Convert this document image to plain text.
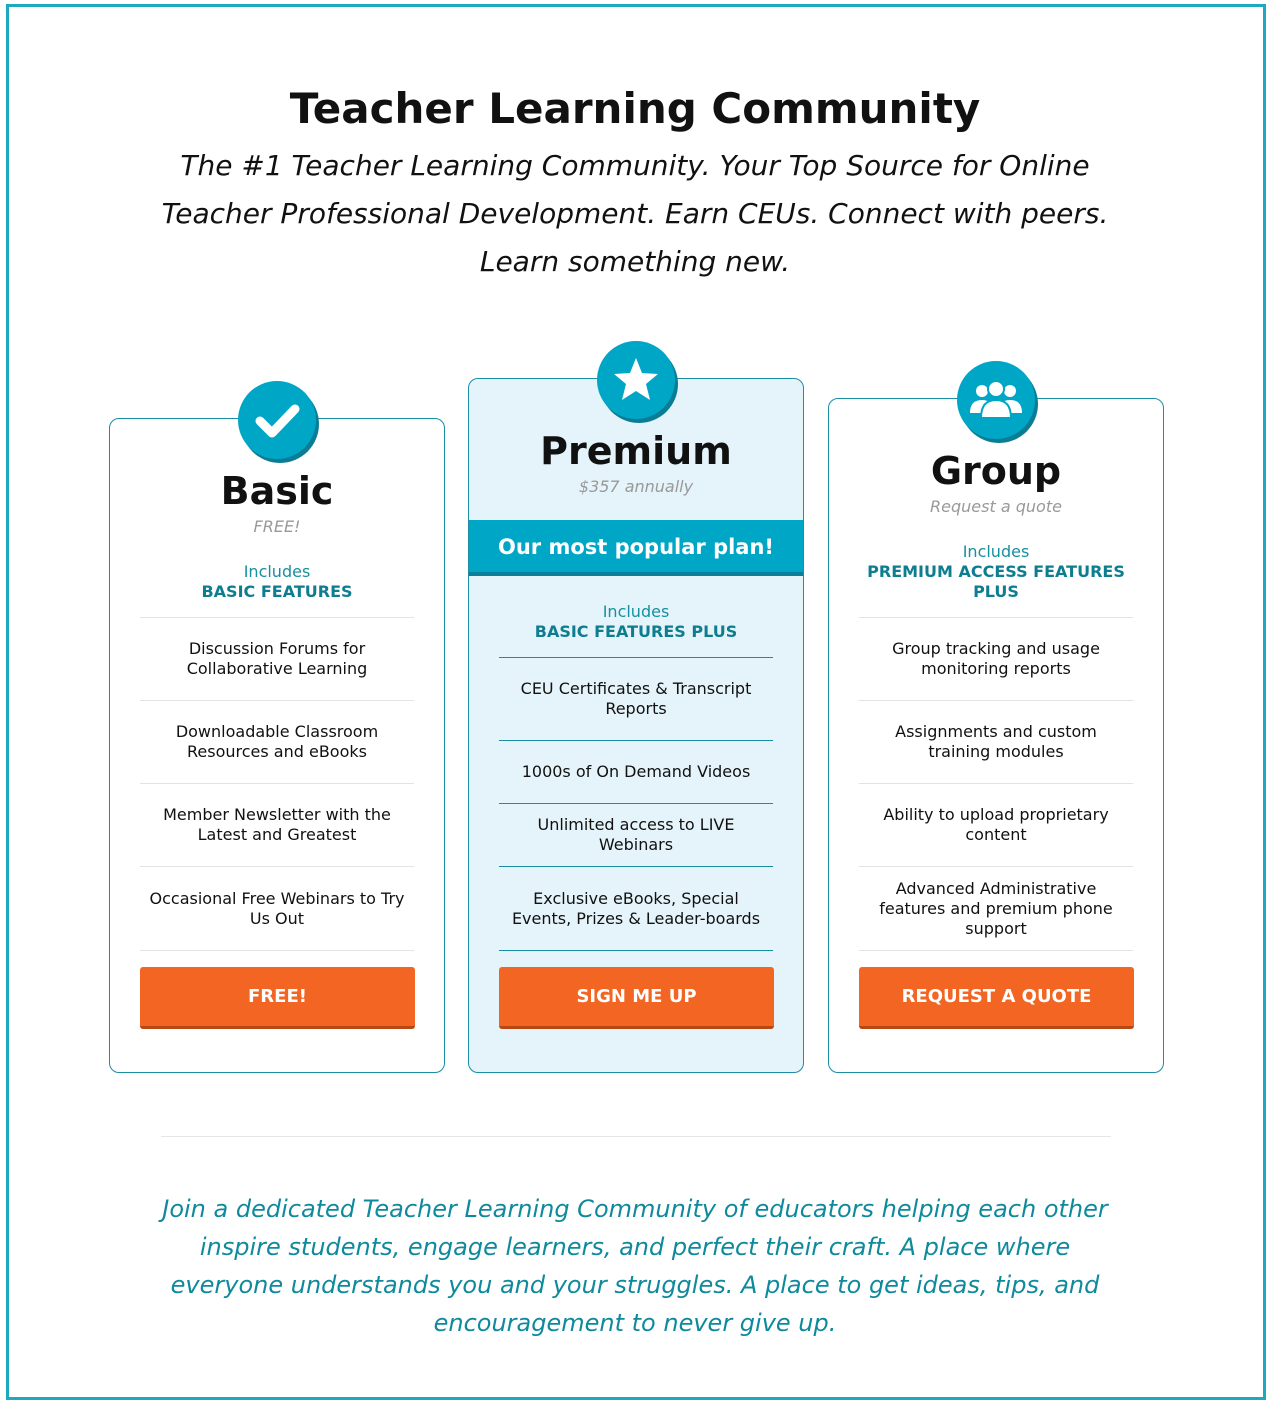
Teacher Learning Community

The #1 Teacher Learning Community. Your Top Source for Online Teacher Professional Development. Earn CEUs. Connect with peers. Learn something new.

Basic
FREE!
Includes
BASIC FEATURES
Discussion Forums for Collaborative Learning
Downloadable Classroom Resources and eBooks
Member Newsletter with the Latest and Greatest
Occasional Free Webinars to Try Us Out
FREE!
Premium
$357 annually
Our most popular plan!
Includes
BASIC FEATURES PLUS
CEU Certificates & Transcript Reports
1000s of On Demand Videos
Unlimited access to LIVE Webinars
Exclusive eBooks, Special Events, Prizes & Leader-boards
SIGN ME UP
Group
Request a quote
Includes
PREMIUM ACCESS FEATURES PLUS
Group tracking and usage monitoring reports
Assignments and custom training modules
Ability to upload proprietary content
Advanced Administrative features and premium phone support
REQUEST A QUOTE

Join a dedicated Teacher Learning Community of educators helping each other inspire students, engage learners, and perfect their craft. A place where everyone understands you and your struggles. A place to get ideas, tips, and encouragement to never give up.
